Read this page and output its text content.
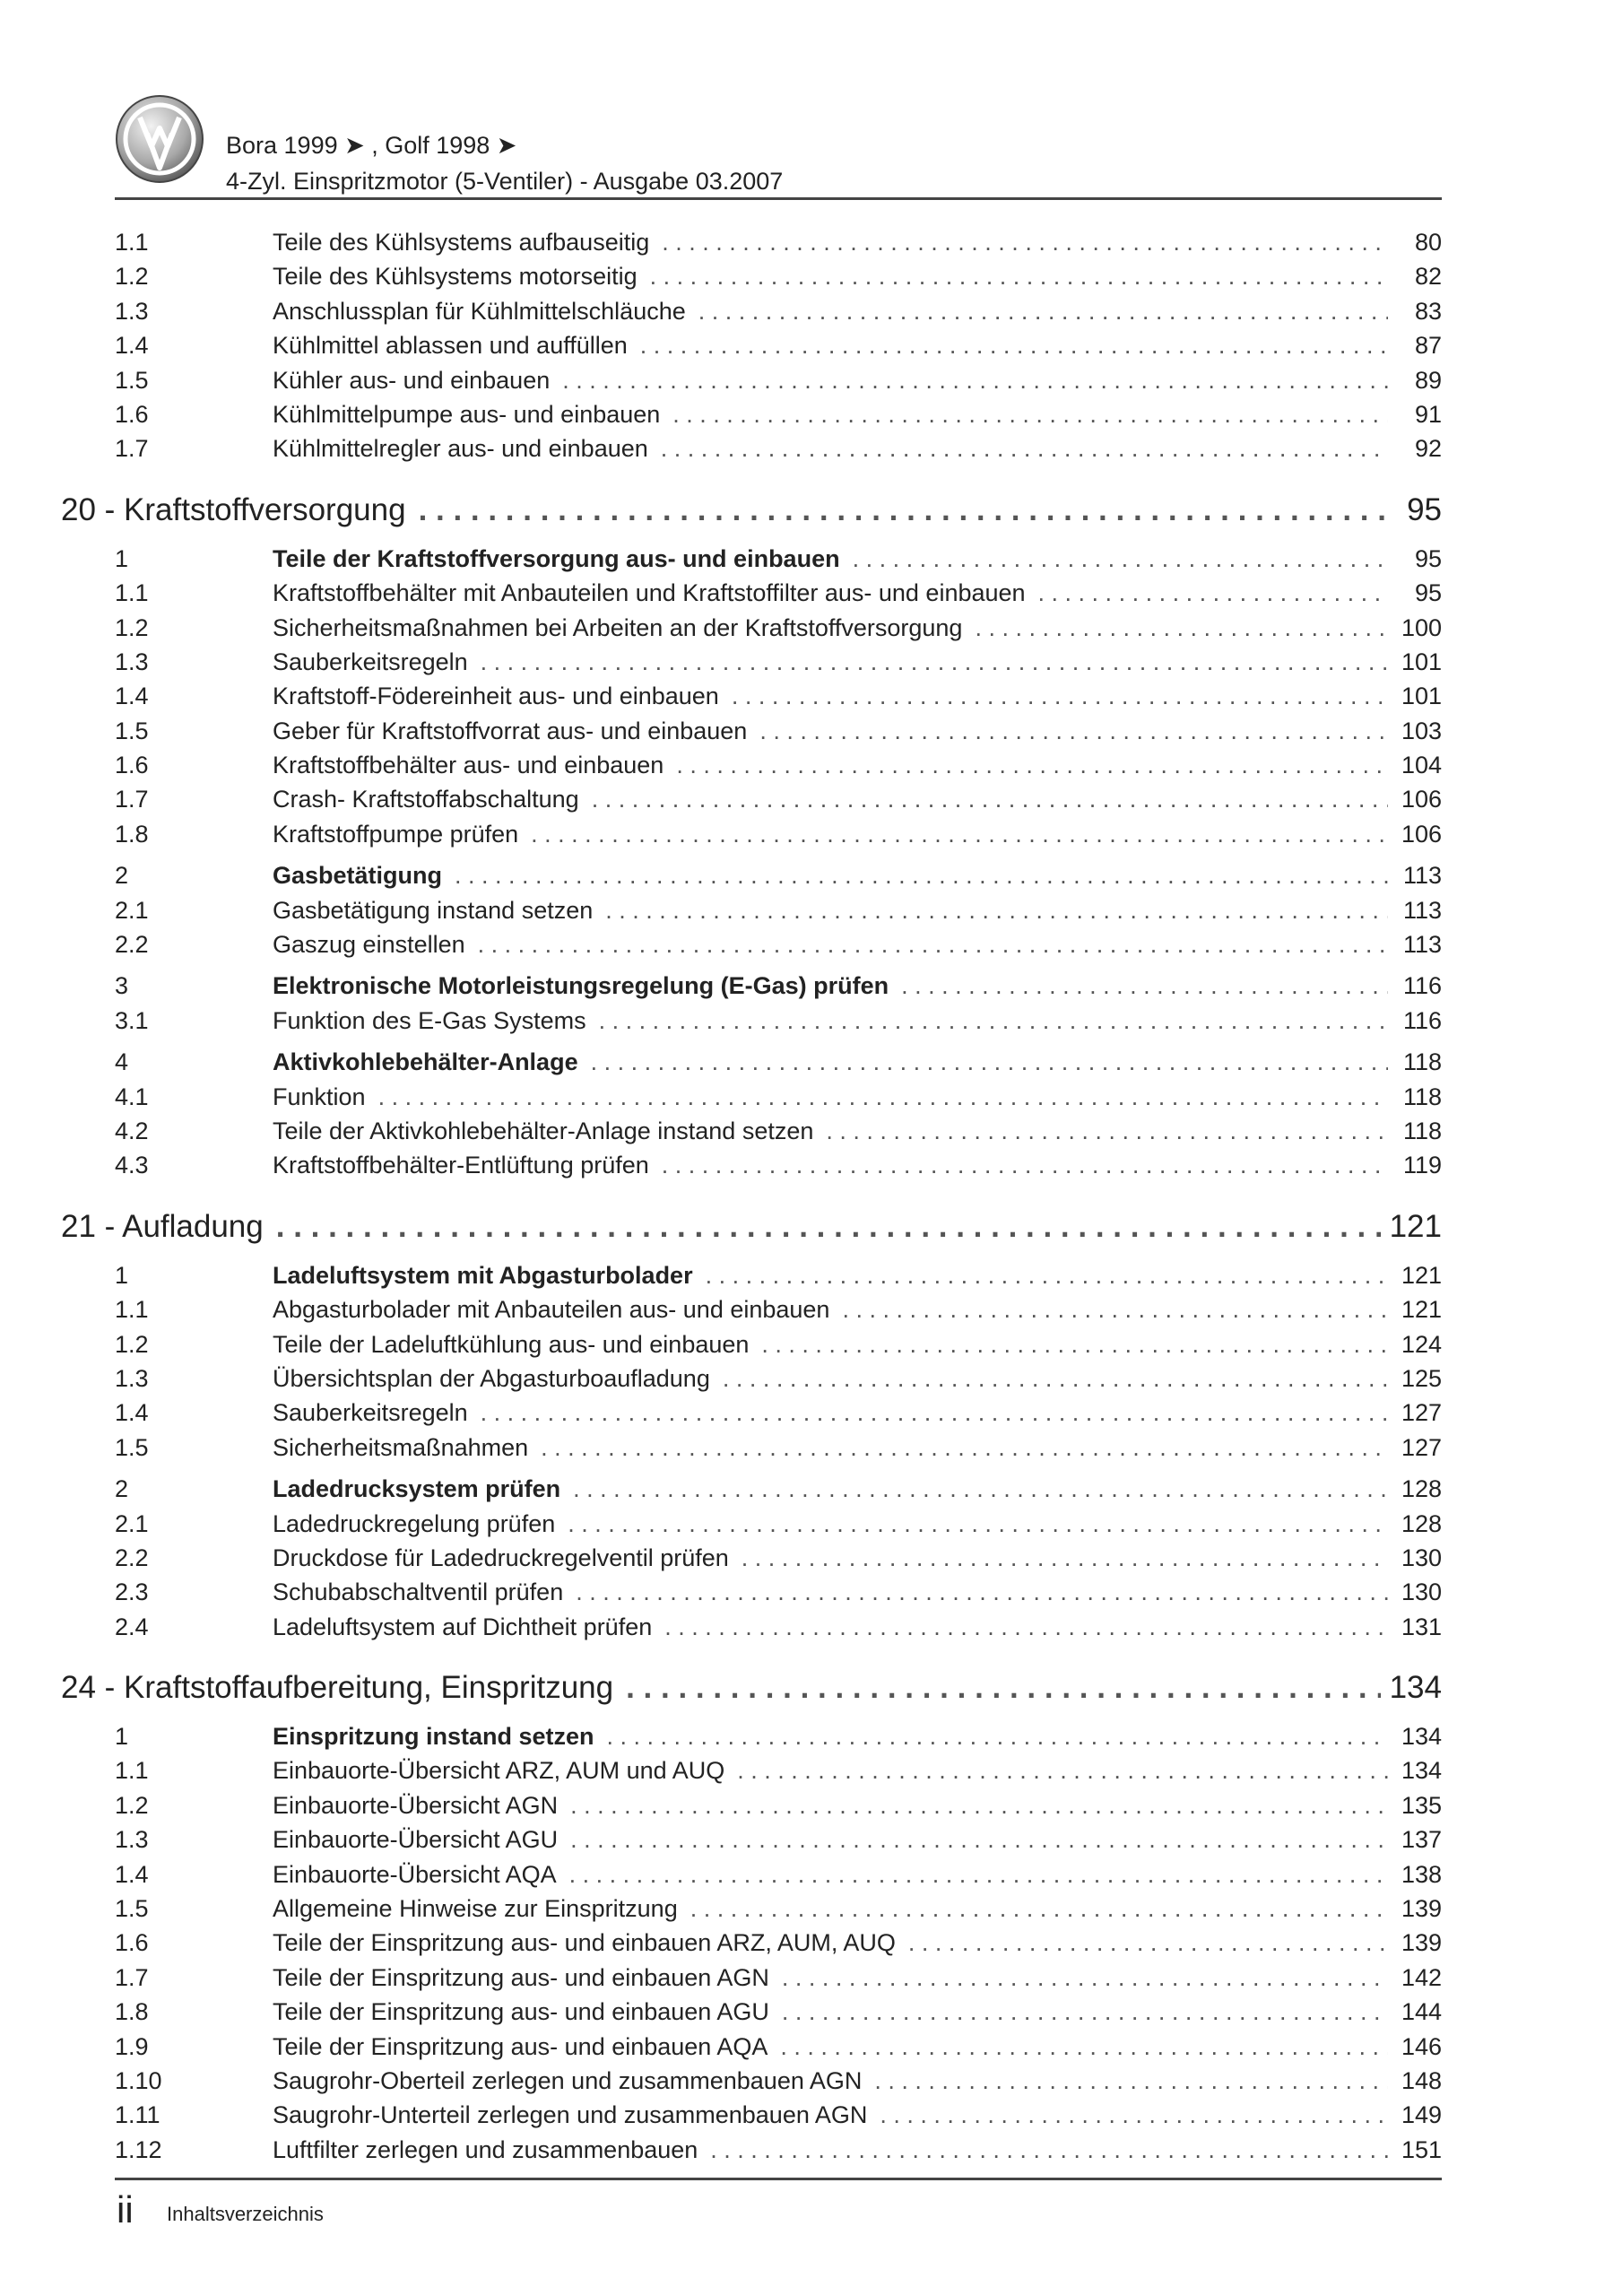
Bora 1999 ➤ , Golf 1998 ➤
4-Zyl. Einspritzmotor (5-Ventiler) - Ausgabe 03.2007
1.1	Teile des Kühlsystems aufbauseitig . . .	80
1.2	Teile des Kühlsystems motorseitig . . .	82
1.3	Anschlussplan für Kühlmittelschläuche . . .	83
1.4	Kühlmittel ablassen und auffüllen . . .	87
1.5	Kühler aus- und einbauen . . .	89
1.6	Kühlmittelpumpe aus- und einbauen . . .	91
1.7	Kühlmittelregler aus- und einbauen . . .	92
20 - Kraftstoffversorgung . . .	95
1	Teile der Kraftstoffversorgung aus- und einbauen . . .	95
1.1	Kraftstoffbehälter mit Anbauteilen und Kraftstoffilter aus- und einbauen . . .	95
1.2	Sicherheitsmaßnahmen bei Arbeiten an der Kraftstoffversorgung . . .	100
1.3	Sauberkeitsregeln . . .	101
1.4	Kraftstoff-Födereinheit aus- und einbauen . . .	101
1.5	Geber für Kraftstoffvorrat aus- und einbauen . . .	103
1.6	Kraftstoffbehälter aus- und einbauen . . .	104
1.7	Crash- Kraftstoffabschaltung . . .	106
1.8	Kraftstoffpumpe prüfen . . .	106
2	Gasbetätigung . . .	113
2.1	Gasbetätigung instand setzen . . .	113
2.2	Gaszug einstellen . . .	113
3	Elektronische Motorleistungsregelung (E-Gas) prüfen . . .	116
3.1	Funktion des E-Gas Systems . . .	116
4	Aktivkohlebehälter-Anlage . . .	118
4.1	Funktion . . .	118
4.2	Teile der Aktivkohlebehälter-Anlage instand setzen . . .	118
4.3	Kraftstoffbehälter-Entlüftung prüfen . . .	119
21 - Aufladung . . .	121
1	Ladeluftsystem mit Abgasturbolader . . .	121
1.1	Abgasturbolader mit Anbauteilen aus- und einbauen . . .	121
1.2	Teile der Ladeluftkühlung aus- und einbauen . . .	124
1.3	Übersichtsplan der Abgasturboaufladung . . .	125
1.4	Sauberkeitsregeln . . .	127
1.5	Sicherheitsmaßnahmen . . .	127
2	Ladedrucksystem prüfen . . .	128
2.1	Ladedruckregelung prüfen . . .	128
2.2	Druckdose für Ladedruckregelventil prüfen . . .	130
2.3	Schubabschaltventil prüfen . . .	130
2.4	Ladeluftsystem auf Dichtheit prüfen . . .	131
24 - Kraftstoffaufbereitung, Einspritzung . . .	134
1	Einspritzung instand setzen . . .	134
1.1	Einbauorte-Übersicht ARZ, AUM und AUQ . . .	134
1.2	Einbauorte-Übersicht AGN . . .	135
1.3	Einbauorte-Übersicht AGU . . .	137
1.4	Einbauorte-Übersicht AQA . . .	138
1.5	Allgemeine Hinweise zur Einspritzung . . .	139
1.6	Teile der Einspritzung aus- und einbauen ARZ, AUM, AUQ . . .	139
1.7	Teile der Einspritzung aus- und einbauen AGN . . .	142
1.8	Teile der Einspritzung aus- und einbauen AGU . . .	144
1.9	Teile der Einspritzung aus- und einbauen AQA . . .	146
1.10	Saugrohr-Oberteil zerlegen und zusammenbauen AGN . . .	148
1.11	Saugrohr-Unterteil zerlegen und zusammenbauen AGN . . .	149
1.12	Luftfilter zerlegen und zusammenbauen . . .	151
ii Inhaltsverzeichnis
